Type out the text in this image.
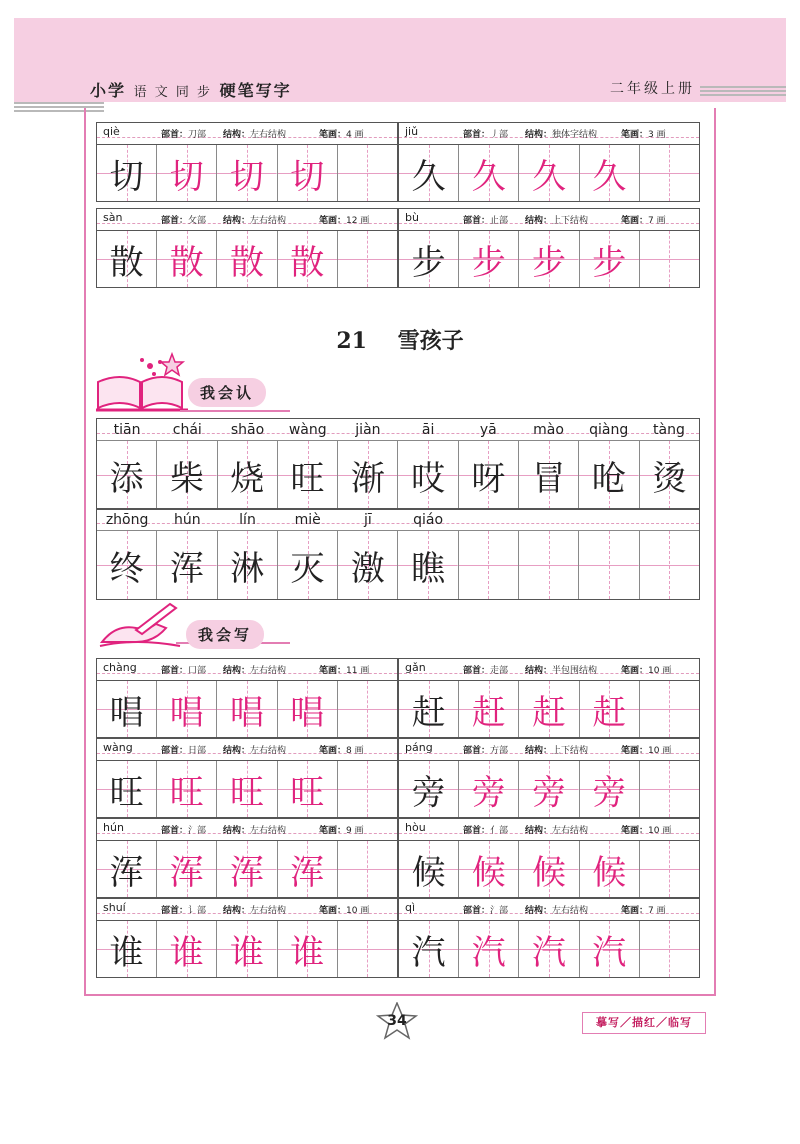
小学 语 文 同 步 硬笔写字	二年级上册
qiè	部首：刀部 结构：左右结构	笔画：4 画
切 切 切 切
jiǔ	部首：丿部 结构：独体字结构	笔画：3 画
久 久 久 久
sàn	部首：攵部 结构：左右结构	笔画：12 画
散 散 散 散
bù	部首：止部 结构：上下结构	笔画：7 画
步 步 步 步
21 雪孩子
我会认
tiān	chái	shāo	wàng	jiàn	āi	yā	mào	qiàng	tàng
添 柴 烧 旺 渐 哎 呀 冒 呛 烫
zhōng	hún	lín	miè	jī	qiáo
终 浑 淋 灭 激 瞧
我会写
chàng	部首：口部 结构：左右结构	笔画：11 画
唱 唱 唱 唱
gǎn	部首：走部 结构：半包围结构	笔画：10 画
赶 赶 赶 赶
wàng	部首：日部 结构：左右结构	笔画：8 画
旺 旺 旺 旺
páng	部首：方部 结构：上下结构	笔画：10 画
旁 旁 旁 旁
hún	部首：氵部 结构：左右结构	笔画：9 画
浑 浑 浑 浑
hòu	部首：亻部 结构：左右结构	笔画：10 画
候 候 候 候
shuí	部首：讠部 结构：左右结构	笔画：10 画
谁 谁 谁 谁
qì	部首：氵部 结构：左右结构	笔画：7 画
汽 汽 汽 汽
34	摹写／描红／临写
